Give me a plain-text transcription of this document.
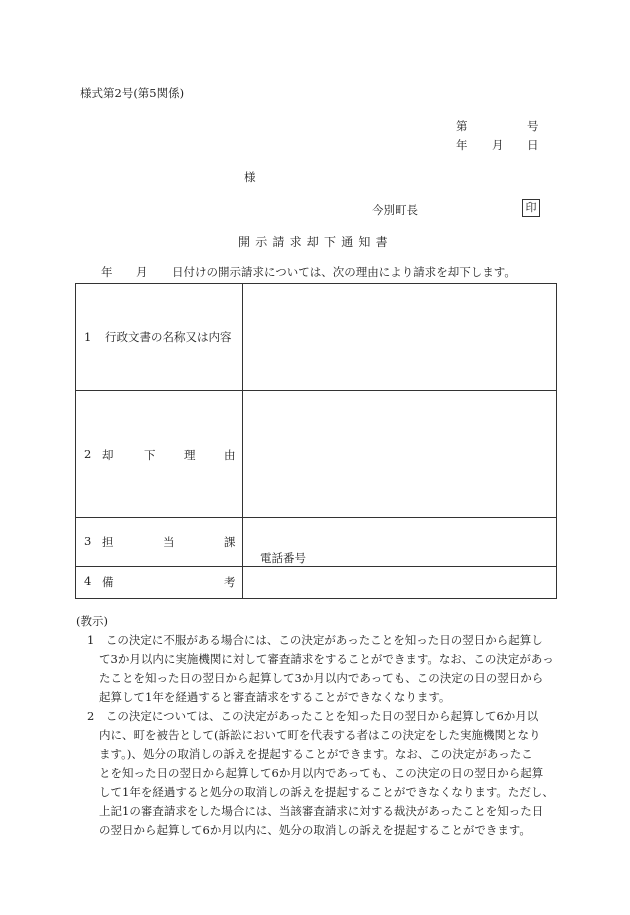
様式第2号(第5関係)
第	号
年 月 日
様
今別町長	印
開示請求却下通知書
年 月 日付けの開示請求については、次の理由により請求を却下します。
1 行政文書の名称又は内容
2 却	下 理 由
3 担	当	課
電話番号
4 備	考
(教示)
1　この決定に不服がある場合には、この決定があったことを知った日の翌日から起算し
て3か月以内に実施機関に対して審査請求をすることができます。なお、この決定があっ
たことを知った日の翌日から起算して3か月以内であっても、この決定の日の翌日から
起算して1年を経過すると審査請求をすることができなくなります。
2　この決定については、この決定があったことを知った日の翌日から起算して6か月以
内に、町を被告として(訴訟において町を代表する者はこの決定をした実施機関となり
ます。)、処分の取消しの訴えを提起することができます。なお、この決定があったこ
とを知った日の翌日から起算して6か月以内であっても、この決定の日の翌日から起算
して1年を経過すると処分の取消しの訴えを提起することができなくなります。ただし、
上記1の審査請求をした場合には、当該審査請求に対する裁決があったことを知った日
の翌日から起算して6か月以内に、処分の取消しの訴えを提起することができます。
